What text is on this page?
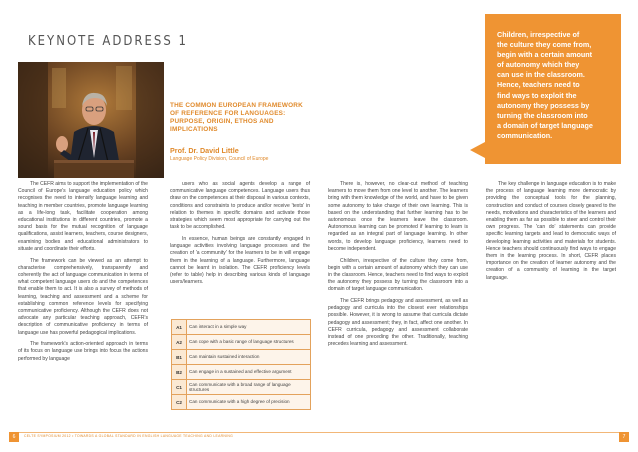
KEYNOTE ADDRESS 1
THE COMMON EUROPEAN FRAMEWORK OF REFERENCE FOR LANGUAGES: PURPOSE, ORIGIN, ETHOS AND IMPLICATIONS
Prof. Dr. David Little
Language Policy Division, Council of Europe
Children, irrespective of
the culture they come from,
begin with a certain amount
of autonomy which they
can use in the classroom.
Hence, teachers need to
find ways to exploit the
autonomy they possess by
turning the classroom into
a domain of target language
communication.

The CEFR aims to support the implementation of the Council of Europe's language education policy which recognises the need to intensify language learning and teaching in member countries, promote language learning as a life-long task, facilitate cooperation among educational institutions in different countries, promote a sound basis for the mutual recognition of language qualifications, assist learners, teachers, course designers, examining bodies and educational administrators to situate and coordinate their efforts.

The framework can be viewed as an attempt to characterise comprehensively, transparently and coherently the act of language communication in terms of what competent language users do and the competences that enable them to act. It is also a survey of methods of learning, teaching and assessment and a scheme for establishing common reference levels for specifying communicative proficiency. Although the CEFR does not advocate any particular teaching approach, CEFR's description of communicative proficiency in terms of language use has powerful pedagogical implications.

The framework's action-oriented approach in terms of its focus on language use brings into focus the actions performed by language

users who as social agents develop a range of communicative language competences. Language users thus draw on the competences at their disposal in various contexts, conditions and constraints to produce and/or receive 'texts' in relation to themes in specific domains and activate those strategies which seem most appropriate for carrying out the task to be accomplished.

In essence, human beings are constantly engaged in language activities involving language processes and the creation of 'a community' for the learners to be in will engage them in the learning of a language. Furthermore, language cannot be learnt in isolation. The CEFR proficiency levels (refer to table) help in describing various kinds of language users/learners.

A1	Can interact in a simple way
A2	Can cope with a basic range of language structures
B1	Can maintain sustained interaction
B2	Can engage in a sustained and effective argument
C1	Can communicate with a broad range of language structures
C2	Can communicate with a high degree of precision

There is, however, no clear-cut method of teaching learners to move them from one level to another. The learners bring with them knowledge of the world, and have to be given some autonomy to take charge of their own learning. This is based on the understanding that further learning has to be autonomous once the learners leave the classroom. Autonomous learning can be promoted if learning to learn is regarded as an integral part of language learning. In other words, to develop language proficiency, learners need to become independent.

Children, irrespective of the culture they come from, begin with a certain amount of autonomy which they can use in the classroom. Hence, teachers need to find ways to exploit the autonomy they possess by turning the classroom into a domain of target language communication.

The CEFR brings pedagogy and assessment, as well as pedagogy and curricula into the closest ever relationships possible. However, it is wrong to assume that curricula dictate pedagogy and assessment; they, in fact, affect one another. In CEFR curricula, pedagogy and assessment collaborate instead of one preceding the other. Traditionally, teaching precedes learning and assessment.

The key challenge in language education is to make the process of language learning more democratic by providing the conceptual tools for the planning, construction and conduct of courses closely geared to the needs, motivations and characteristics of the learners and enabling them as far as possible to steer and control their own progress. The 'can do' statements can provide specific learning targets and lead to democratic ways of developing learning activities and materials for students. Hence teachers should continuously find ways to engage them in the learning process. In short, CEFR places importance on the creation of learner autonomy and the creation of a community of learning in the target language.

6	CELTE SYMPOSIUM 2012 • TOWARDS A GLOBAL STANDARD IN ENGLISH LANGUAGE TEACHING AND LEARNING	7
